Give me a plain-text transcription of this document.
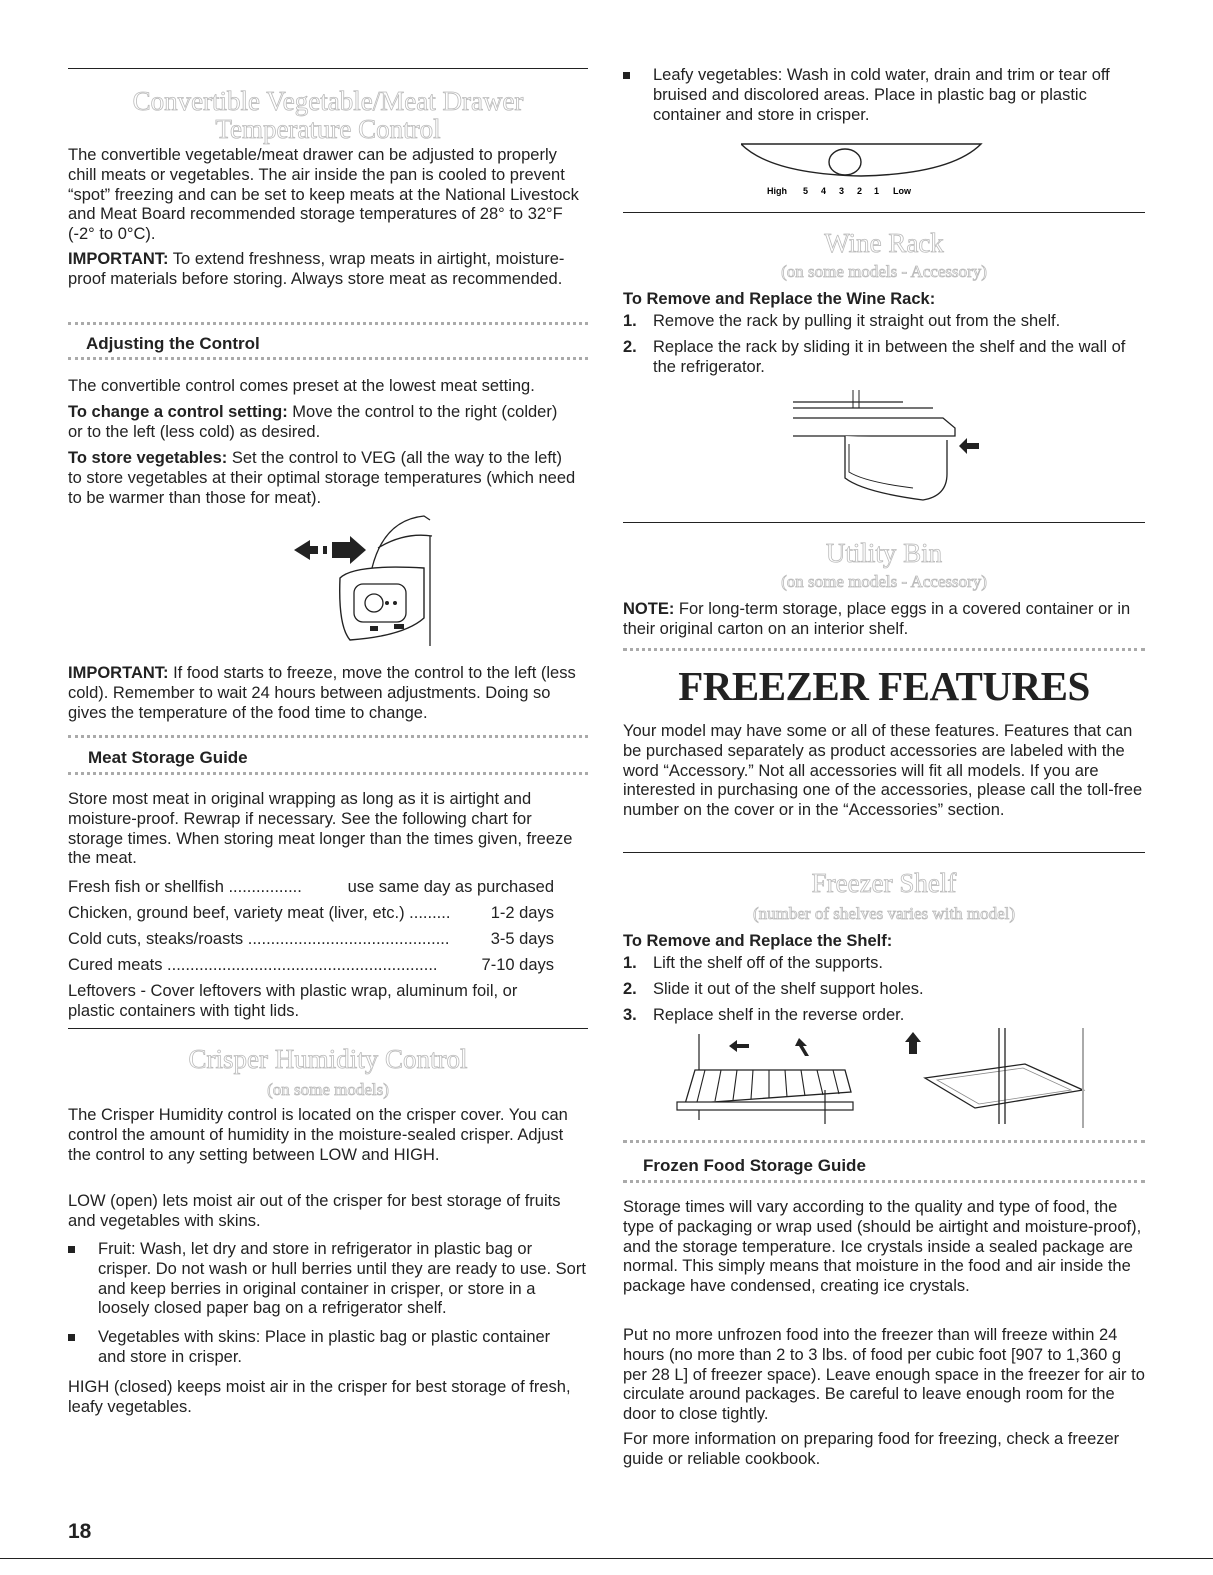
Convertible Vegetable/Meat Drawer
Temperature Control

The convertible vegetable/meat drawer can be adjusted to properly chill meats or vegetables. The air inside the pan is cooled to prevent “spot” freezing and can be set to keep meats at the National Livestock and Meat Board recommended storage temperatures of 28° to 32°F (-2° to 0°C).

IMPORTANT: To extend freshness, wrap meats in airtight, moisture-proof materials before storing. Always store meat as recommended.

Adjusting the Control

The convertible control comes preset at the lowest meat setting.

To change a control setting: Move the control to the right (colder) or to the left (less cold) as desired.

To store vegetables: Set the control to VEG (all the way to the left) to store vegetables at their optimal storage temperatures (which need to be warmer than those for meat).

IMPORTANT: If food starts to freeze, move the control to the left (less cold). Remember to wait 24 hours between adjustments. Doing so gives the temperature of the food time to change.

Meat Storage Guide

Store most meat in original wrapping as long as it is airtight and moisture-proof. Rewrap if necessary. See the following chart for storage times. When storing meat longer than the times given, freeze the meat.

Fresh fish or shellfish ................	use same day as purchased
Chicken, ground beef, variety meat (liver, etc.) ......... 1-2 days
Cold cuts, steaks/roasts ............................................	3-5 days
Cured meats ...........................................................	7-10 days

Leftovers - Cover leftovers with plastic wrap, aluminum foil, or plastic containers with tight lids.

Crisper Humidity Control
(on some models)

The Crisper Humidity control is located on the crisper cover. You can control the amount of humidity in the moisture-sealed crisper. Adjust the control to any setting between LOW and HIGH.

LOW (open) lets moist air out of the crisper for best storage of fruits and vegetables with skins.

Fruit: Wash, let dry and store in refrigerator in plastic bag or crisper. Do not wash or hull berries until they are ready to use. Sort and keep berries in original container in crisper, or store in a loosely closed paper bag on a refrigerator shelf.

Vegetables with skins: Place in plastic bag or plastic container and store in crisper.

HIGH (closed) keeps moist air in the crisper for best storage of fresh, leafy vegetables.

Leafy vegetables: Wash in cold water, drain and trim or tear off bruised and discolored areas. Place in plastic bag or plastic container and store in crisper.

High 5 4 3 2 1 Low
Wine Rack
(on some models - Accessory)
To Remove and Replace the Wine Rack:
1. Remove the rack by pulling it straight out from the shelf.

2. Replace the rack by sliding it in between the shelf and the wall of the refrigerator.

Utility Bin
(on some models - Accessory)

NOTE: For long-term storage, place eggs in a covered container or in their original carton on an interior shelf.

FREEZER FEATURES

Your model may have some or all of these features. Features that can be purchased separately as product accessories are labeled with the word “Accessory.” Not all accessories will fit all models. If you are interested in purchasing one of the accessories, please call the toll-free number on the cover or in the “Accessories” section.

Freezer Shelf
(number of shelves varies with model)
To Remove and Replace the Shelf:
1. Lift the shelf off of the supports.

2. Slide it out of the shelf support holes.

3. Replace shelf in the reverse order.

Frozen Food Storage Guide

Storage times will vary according to the quality and type of food, the type of packaging or wrap used (should be airtight and moisture-proof), and the storage temperature. Ice crystals inside a sealed package are normal. This simply means that moisture in the food and air inside the package have condensed, creating ice crystals.

Put no more unfrozen food into the freezer than will freeze within 24 hours (no more than 2 to 3 lbs. of food per cubic foot [907 to 1,360 g per 28 L] of freezer space). Leave enough space in the freezer for air to circulate around packages. Be careful to leave enough room for the door to close tightly.

For more information on preparing food for freezing, check a freezer guide or reliable cookbook.

18
